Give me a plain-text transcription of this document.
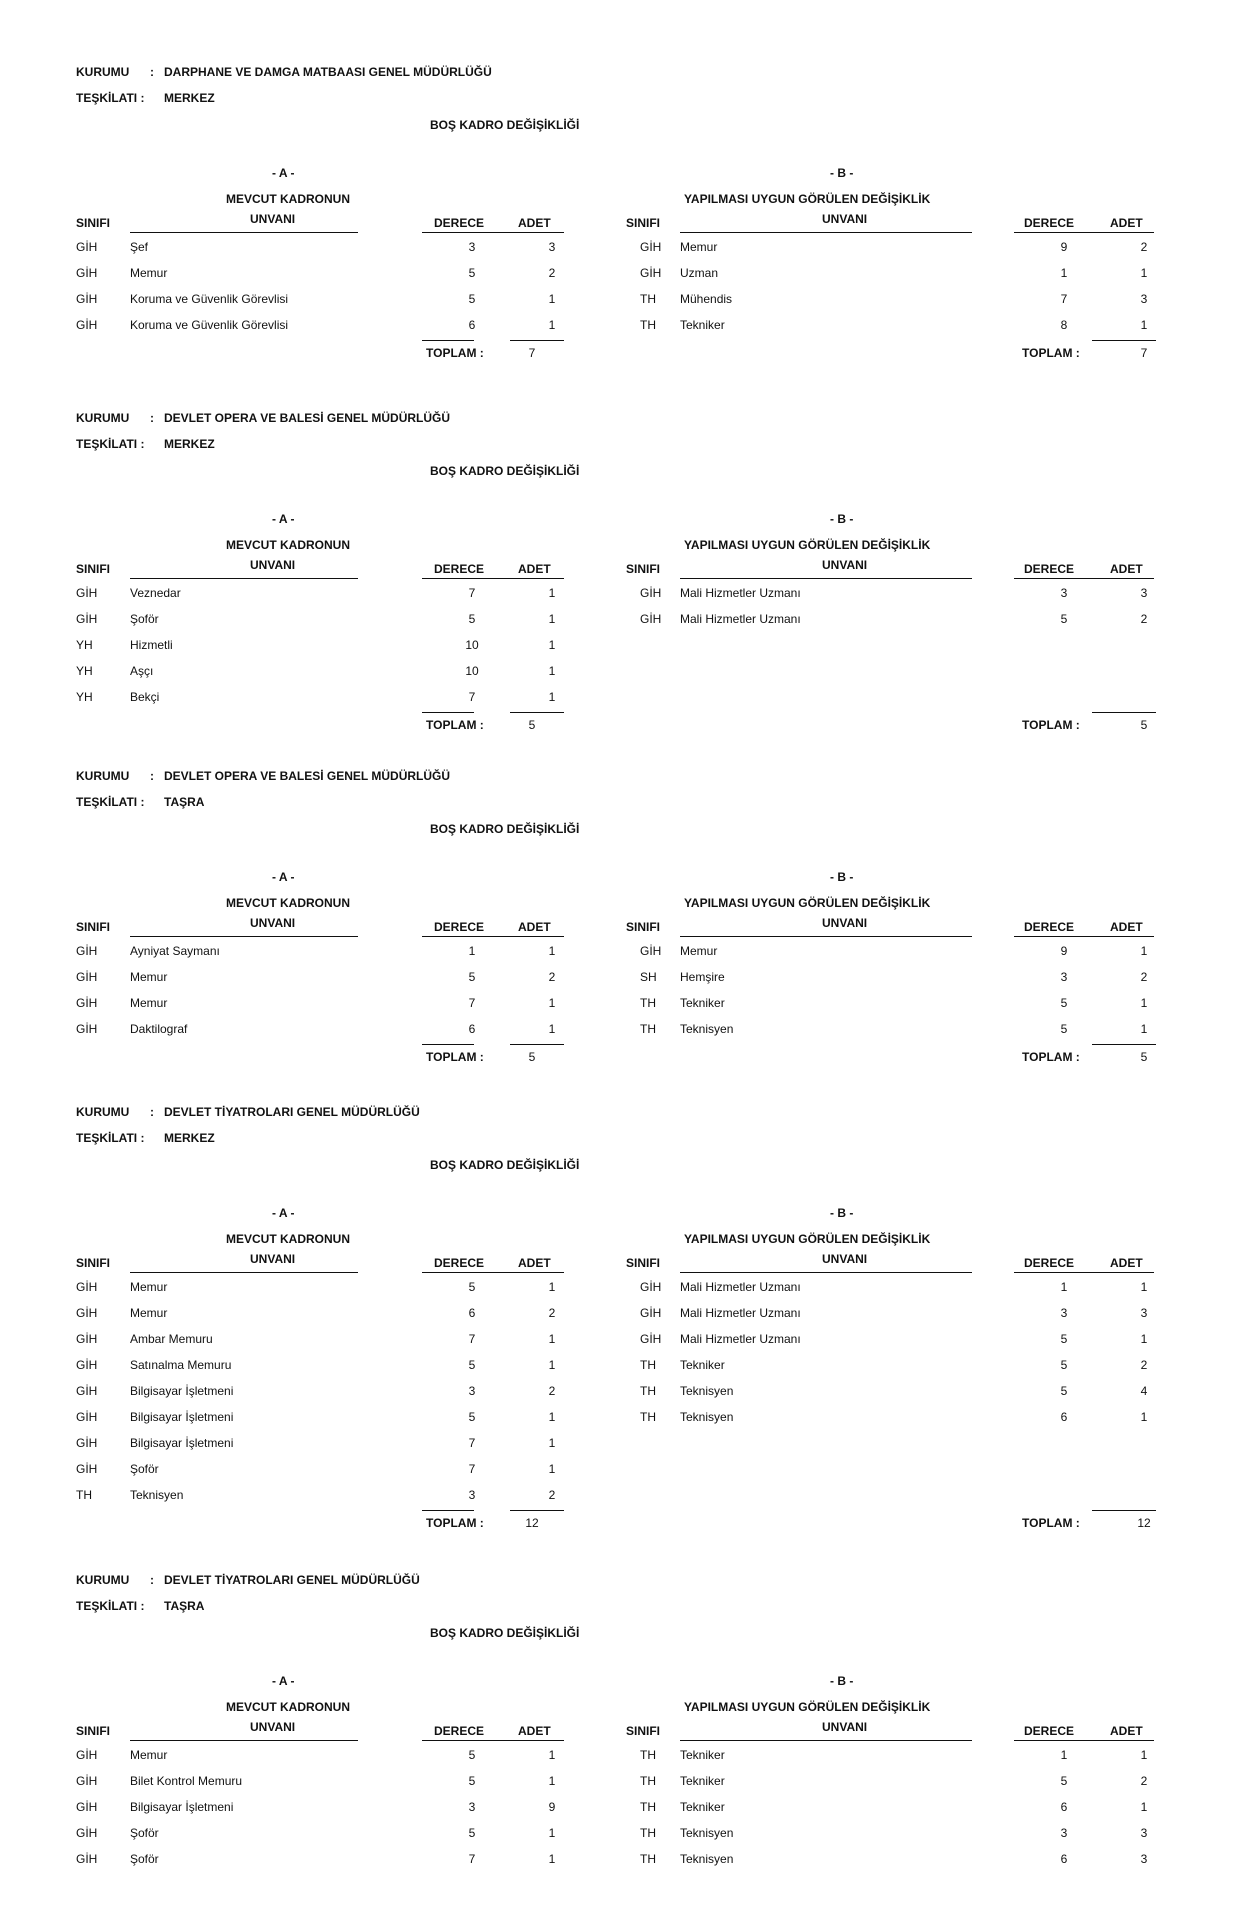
KURUMU : DARPHANE VE DAMGA MATBAASI GENEL MÜDÜRLÜĞÜ
TEŞKİLATI : MERKEZ
BOŞ KADRO DEĞİŞİKLİĞİ
- A -
MEVCUT KADRONUN
SINIFI	UNVANI	DERECE	ADET
GİH	Şef	3	3
GİH	Memur	5	2
GİH	Koruma ve Güvenlik Görevlisi	5	1
GİH	Koruma ve Güvenlik Görevlisi	6	1
TOPLAM :	7
- B -
YAPILMASI UYGUN GÖRÜLEN DEĞİŞİKLİK
SINIFI	UNVANI	DERECE	ADET
GİH Memur	9	2
GİH Uzman	1	1
TH Mühendis	7	3
TH Tekniker	8	1
TOPLAM :	7
KURUMU : DEVLET OPERA VE BALESİ GENEL MÜDÜRLÜĞÜ
TEŞKİLATI : MERKEZ
BOŞ KADRO DEĞİŞİKLİĞİ
- A -
MEVCUT KADRONUN
SINIFI	UNVANI	DERECE	ADET
GİH	Veznedar	7	1
GİH	Şoför	5	1
YH	Hizmetli	10	1
YH	Aşçı	10	1
YH	Bekçi	7	1
TOPLAM :	5
- B -
YAPILMASI UYGUN GÖRÜLEN DEĞİŞİKLİK
SINIFI	UNVANI	DERECE	ADET
GİH Mali Hizmetler Uzmanı	3	3
GİH Mali Hizmetler Uzmanı	5	2
TOPLAM :	5
KURUMU : DEVLET OPERA VE BALESİ GENEL MÜDÜRLÜĞÜ
TEŞKİLATI : TAŞRA
BOŞ KADRO DEĞİŞİKLİĞİ
- A -
MEVCUT KADRONUN
SINIFI	UNVANI	DERECE	ADET
GİH	Ayniyat Saymanı	1	1
GİH	Memur	5	2
GİH	Memur	7	1
GİH	Daktilograf	6	1
TOPLAM :	5
- B -
YAPILMASI UYGUN GÖRÜLEN DEĞİŞİKLİK
SINIFI	UNVANI	DERECE	ADET
GİH Memur	9	1
SH Hemşire	3	2
TH Tekniker	5	1
TH Teknisyen	5	1
TOPLAM :	5
KURUMU : DEVLET TİYATROLARI GENEL MÜDÜRLÜĞÜ
TEŞKİLATI : MERKEZ
BOŞ KADRO DEĞİŞİKLİĞİ
- A -
MEVCUT KADRONUN
SINIFI	UNVANI	DERECE	ADET
GİH	Memur	5	1
GİH	Memur	6	2
GİH	Ambar Memuru	7	1
GİH	Satınalma Memuru	5	1
GİH	Bilgisayar İşletmeni	3	2
GİH	Bilgisayar İşletmeni	5	1
GİH	Bilgisayar İşletmeni	7	1
GİH	Şoför	7	1
TH	Teknisyen	3	2
TOPLAM :	12
- B -
YAPILMASI UYGUN GÖRÜLEN DEĞİŞİKLİK
SINIFI	UNVANI	DERECE	ADET
GİH Mali Hizmetler Uzmanı	1	1
GİH Mali Hizmetler Uzmanı	3	3
GİH Mali Hizmetler Uzmanı	5	1
TH Tekniker	5	2
TH Teknisyen	5	4
TH Teknisyen	6	1
TOPLAM :	12
KURUMU : DEVLET TİYATROLARI GENEL MÜDÜRLÜĞÜ
TEŞKİLATI : TAŞRA
BOŞ KADRO DEĞİŞİKLİĞİ
- A -
MEVCUT KADRONUN
SINIFI	UNVANI	DERECE	ADET
GİH	Memur	5	1
GİH	Bilet Kontrol Memuru	5	1
GİH	Bilgisayar İşletmeni	3	9
GİH	Şoför	5	1
GİH	Şoför	7	1
- B -
YAPILMASI UYGUN GÖRÜLEN DEĞİŞİKLİK
SINIFI	UNVANI	DERECE	ADET
TH Tekniker	1	1
TH Tekniker	5	2
TH Tekniker	6	1
TH Teknisyen	3	3
TH Teknisyen	6	3
